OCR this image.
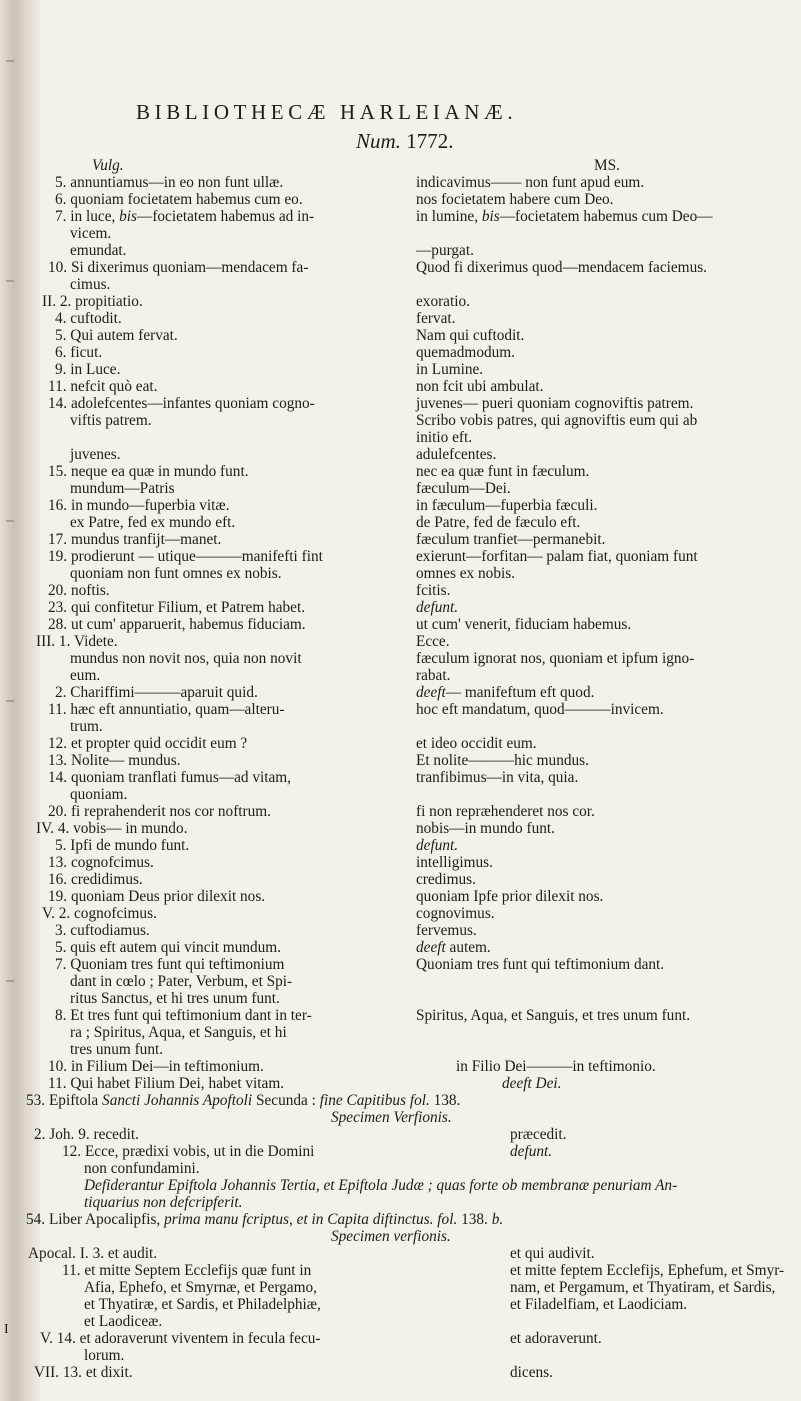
BIBLIOTHECÆ HARLEIANÆ.
Num. 1772.
Vulg.	MS.
5. annuntiamus—in eo non funt ullæ.	indicavimus—— non funt apud eum.
6. quoniam focietatem habemus cum eo.	nos focietatem habere cum Deo.
7. in luce, bis—focietatem habemus ad in-	in lumine, bis—focietatem habemus cum Deo—
vicem.
emundat.	—purgat.
10. Si dixerimus quoniam—mendacem fa-	Quod fi dixerimus quod—mendacem faciemus.
cimus.
II. 2. propitiatio.	exoratio.
4. cuftodit.	fervat.
5. Qui autem fervat.	Nam qui cuftodit.
6. ficut.	quemadmodum.
9. in Luce.	in Lumine.
11. nefcit quò eat.	non fcit ubi ambulat.
14. adolefcentes—infantes quoniam cogno-	juvenes— pueri quoniam cognoviftis patrem.
viftis patrem.	Scribo vobis patres, qui agnoviftis eum qui ab
initio eft.
juvenes.	adulefcentes.
15. neque ea quæ in mundo funt.	nec ea quæ funt in fæculum.
mundum—Patris	fæculum—Dei.
16. in mundo—fuperbia vitæ.	in fæculum—fuperbia fæculi.
ex Patre, fed ex mundo eft.	de Patre, fed de fæculo eft.
17. mundus tranfijt—manet.	fæculum tranfiet—permanebit.
19. prodierunt — utique———manifefti fint	exierunt—forfitan— palam fiat, quoniam funt
quoniam non funt omnes ex nobis.	omnes ex nobis.
20. noftis.	fcitis.
23. qui confitetur Filium, et Patrem habet.	defunt.
28. ut cum' apparuerit, habemus fiduciam.	ut cum' venerit, fiduciam habemus.
III. 1. Videte.	Ecce.
mundus non novit nos, quia non novit	fæculum ignorat nos, quoniam et ipfum igno-
eum.	rabat.
2. Chariffimi———aparuit quid.	deeft— manifeftum eft quod.
11. hæc eft annuntiatio, quam—alteru-	hoc eft mandatum, quod———invicem.
trum.
12. et propter quid occidit eum ?	et ideo occidit eum.
13. Nolite— mundus.	Et nolite———hic mundus.
14. quoniam tranflati fumus—ad vitam,	tranfibimus—in vita, quia.
quoniam.
20. fi reprahenderit nos cor noftrum.	fi non repræhenderet nos cor.
IV. 4. vobis— in mundo.	nobis—in mundo funt.
5. Ipfi de mundo funt.	defunt.
13. cognofcimus.	intelligimus.
16. credidimus.	credimus.
19. quoniam Deus prior dilexit nos.	quoniam Ipfe prior dilexit nos.
V. 2. cognofcimus.	cognovimus.
3. cuftodiamus.	fervemus.
5. quis eft autem qui vincit mundum.	deeft autem.
7. Quoniam tres funt qui teftimonium	Quoniam tres funt qui teftimonium dant.
dant in cœlo ; Pater, Verbum, et Spi-
ritus Sanctus, et hi tres unum funt.
8. Et tres funt qui teftimonium dant in ter-	Spiritus, Aqua, et Sanguis, et tres unum funt.
ra ; Spiritus, Aqua, et Sanguis, et hi
tres unum funt.
10. in Filium Dei—in teftimonium.	in Filio Dei———in teftimonio.
11. Qui habet Filium Dei, habet vitam.	deeft Dei.
53. Epiftola Sancti Johannis Apoftoli Secunda : fine Capitibus fol. 138.
Specimen Verfionis.
2. Joh. 9. recedit.	præcedit.
12. Ecce, prædixi vobis, ut in die Domini	defunt.
non confundamini.
Defiderantur Epiftola Johannis Tertia, et Epiftola Judæ ; quas forte ob membranæ penuriam An-
tiquarius non defcripferit.
54. Liber Apocalipfis, prima manu fcriptus, et in Capita diftinctus. fol. 138. b.
Specimen verfionis.
Apocal. I. 3. et audit.	et qui audivit.
11. et mitte Septem Ecclefijs quæ funt in	et mitte feptem Ecclefijs, Ephefum, et Smyr-
Afia, Ephefo, et Smyrnæ, et Pergamo,	nam, et Pergamum, et Thyatiram, et Sardis,
et Thyatiræ, et Sardis, et Philadelphiæ,	et Filadelfiam, et Laodiciam.
et Laodiceæ.
V. 14. et adoraverunt viventem in fecula fecu-	et adoraverunt.
lorum.
VII. 13. et dixit.	dicens.
I
